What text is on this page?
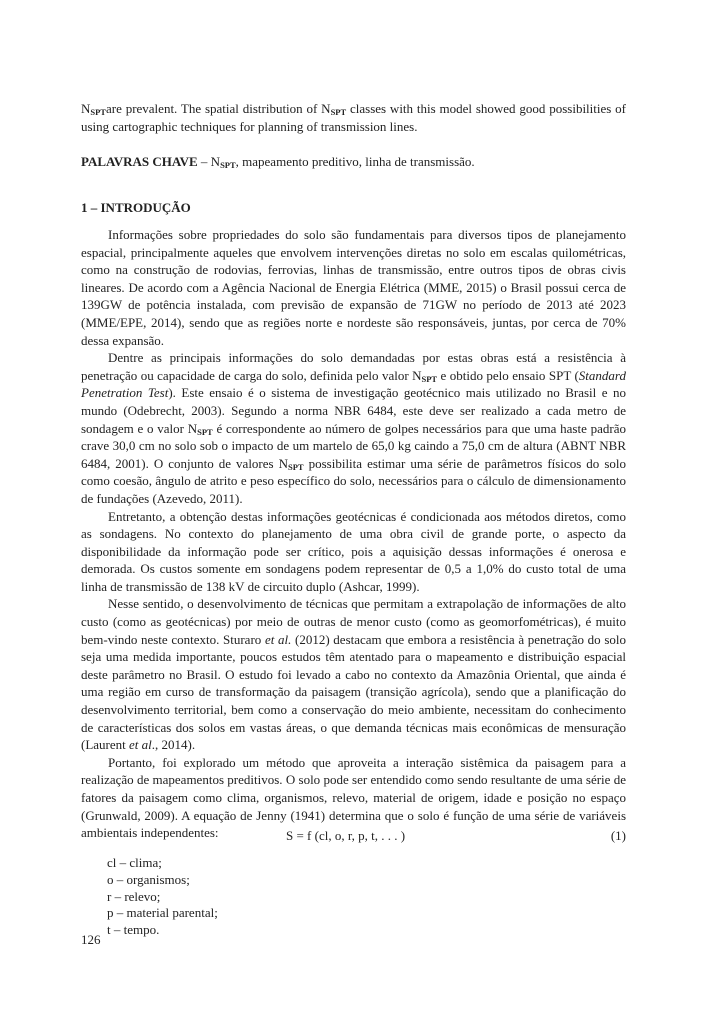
$N_{SPT}are$ prevalent. The spatial distribution of $N_{SPT}$ classes with this model showed good possibilities of using cartographic techniques for planning of transmission lines.

PALAVRAS CHAVE – $N_{SPT}$, mapeamento preditivo, linha de transmissão.

1 – INTRODUÇÃO

Informações sobre propriedades do solo são fundamentais para diversos tipos de planejamento espacial, principalmente aqueles que envolvem intervenções diretas no solo em escalas quilométricas, como na construção de rodovias, ferrovias, linhas de transmissão, entre outros tipos de obras civis lineares. De acordo com a Agência Nacional de Energia Elétrica (MME, 2015) o Brasil possui cerca de 139GW de potência instalada, com previsão de expansão de 71GW no período de 2013 até 2023 (MME/EPE, 2014), sendo que as regiões norte e nordeste são responsáveis, juntas, por cerca de 70% dessa expansão.

Dentre as principais informações do solo demandadas por estas obras está a resistência à penetração ou capacidade de carga do solo, definida pelo valor $N_{SPT}$ e obtido pelo ensaio SPT (Standard Penetration Test). Este ensaio é o sistema de investigação geotécnico mais utilizado no Brasil e no mundo (Odebrecht, 2003). Segundo a norma NBR 6484, este deve ser realizado a cada metro de sondagem e o valor $N_{SPT}$ é correspondente ao número de golpes necessários para que uma haste padrão crave 30,0 cm no solo sob o impacto de um martelo de 65,0 kg caindo a 75,0 cm de altura (ABNT NBR 6484, 2001). O conjunto de valores $N_{SPT}$ possibilita estimar uma série de parâmetros físicos do solo como coesão, ângulo de atrito e peso específico do solo, necessários para o cálculo de dimensionamento de fundações (Azevedo, 2011).

Entretanto, a obtenção destas informações geotécnicas é condicionada aos métodos diretos, como as sondagens. No contexto do planejamento de uma obra civil de grande porte, o aspecto da disponibilidade da informação pode ser crítico, pois a aquisição dessas informações é onerosa e demorada. Os custos somente em sondagens podem representar de 0,5 a 1,0% do custo total de uma linha de transmissão de 138 kV de circuito duplo (Ashcar, 1999).

Nesse sentido, o desenvolvimento de técnicas que permitam a extrapolação de informações de alto custo (como as geotécnicas) por meio de outras de menor custo (como as geomorfométricas), é muito bem-vindo neste contexto. Sturaro et al. (2012) destacam que embora a resistência à penetração do solo seja uma medida importante, poucos estudos têm atentado para o mapeamento e distribuição espacial deste parâmetro no Brasil. O estudo foi levado a cabo no contexto da Amazônia Oriental, que ainda é uma região em curso de transformação da paisagem (transição agrícola), sendo que a planificação do desenvolvimento territorial, bem como a conservação do meio ambiente, necessitam do conhecimento de características dos solos em vastas áreas, o que demanda técnicas mais econômicas de mensuração (Laurent et al., 2014).

Portanto, foi explorado um método que aproveita a interação sistêmica da paisagem para a realização de mapeamentos preditivos. O solo pode ser entendido como sendo resultante de uma série de fatores da paisagem como clima, organismos, relevo, material de origem, idade e posição no espaço (Grunwald, 2009). A equação de Jenny (1941) determina que o solo é função de uma série de variáveis ambientais independentes:	S = f (cl, o, r, p, t, . . . )	(1)
cl – clima;
o – organismos;
r – relevo;
p – material parental;
t – tempo.
126
